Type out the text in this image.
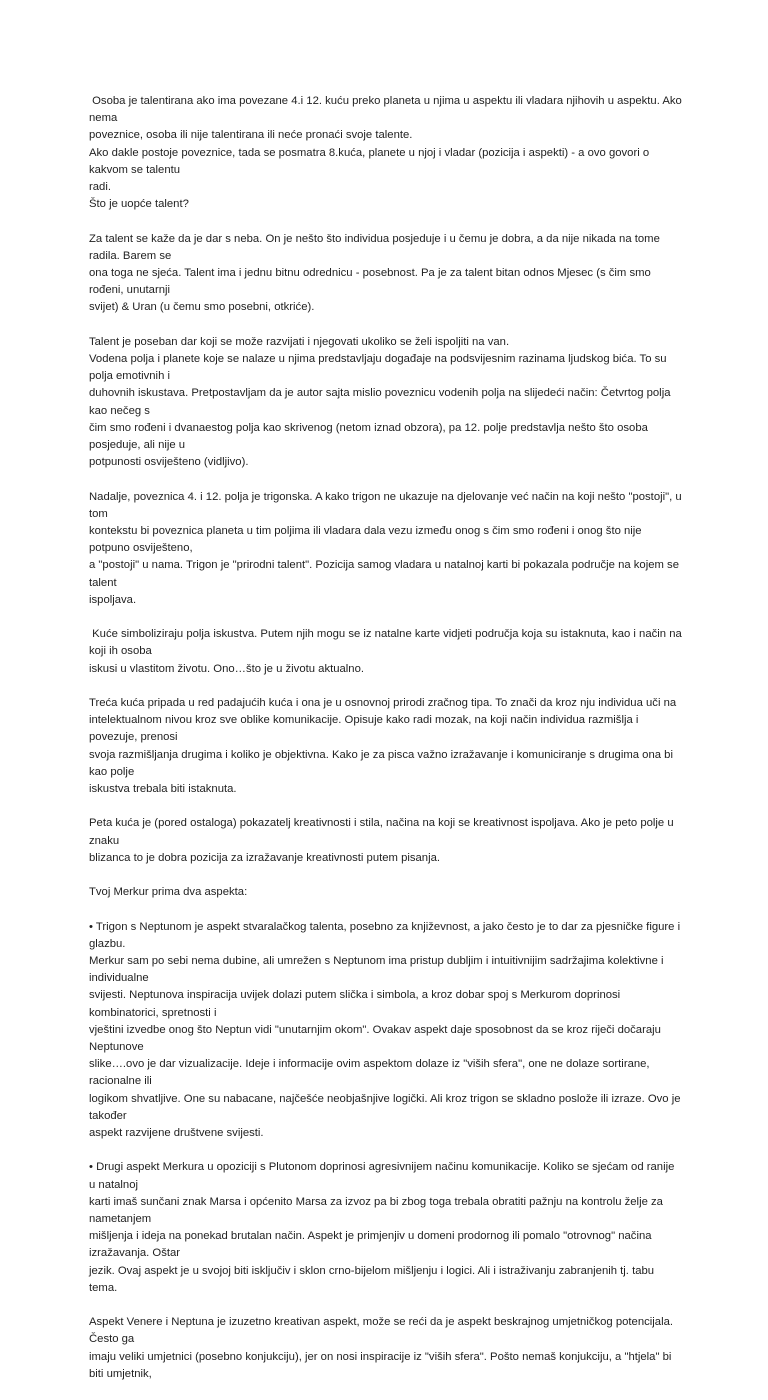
Osoba je talentirana ako ima povezane 4.i 12. kuću preko planeta u njima u aspektu ili vladara njihovih u aspektu. Ako nema
poveznice, osoba ili nije talentirana ili neće pronaći svoje talente.
Ako dakle postoje poveznice, tada se posmatra 8.kuća, planete u njoj i vladar (pozicija i aspekti) - a ovo govori o kakvom se talentu
radi.
Što je uopće talent?
Za talent se kaže da je dar s neba. On je nešto što individua posjeduje i u čemu je dobra, a da nije nikada na tome radila. Barem se
ona toga ne sjeća. Talent ima i jednu bitnu odrednicu - posebnost. Pa je za talent bitan odnos Mjesec (s čim smo rođeni, unutarnji
svijet) & Uran (u čemu smo posebni, otkriće).
Talent je poseban dar koji se može razvijati i njegovati ukoliko se želi ispoljiti na van.
Vodena polja i planete koje se nalaze u njima predstavljaju događaje na podsvijesnim razinama ljudskog bića. To su polja emotivnih i
duhovnih iskustava. Pretpostavljam da je autor sajta mislio poveznicu vodenih polja na slijedeći način: Četvrtog polja kao nečeg s
čim smo rođeni i dvanaestog polja kao skrivenog (netom iznad obzora), pa 12. polje predstavlja nešto što osoba posjeduje, ali nije u
potpunosti osviješteno (vidljivo).
Nadalje, poveznica 4. i 12. polja je trigonska. A kako trigon ne ukazuje na djelovanje već način na koji nešto "postoji", u tom
kontekstu bi poveznica planeta u tim poljima ili vladara dala vezu između onog s čim smo rođeni i onog što nije potpuno osviješteno,
a "postoji" u nama. Trigon je "prirodni talent". Pozicija samog vladara u natalnoj karti bi pokazala područje na kojem se talent
ispoljava.
Kuće simboliziraju polja iskustva. Putem njih mogu se iz natalne karte vidjeti područja koja su istaknuta, kao i način na koji ih osoba
iskusi u vlastitom životu. Ono…što je u životu aktualno.
Treća kuća pripada u red padajućih kuća i ona je u osnovnoj prirodi zračnog tipa. To znači da kroz nju individua uči na
intelektualnom nivou kroz sve oblike komunikacije. Opisuje kako radi mozak, na koji način individua razmišlja i povezuje, prenosi
svoja razmišljanja drugima i koliko je objektivna. Kako je za pisca važno izražavanje i komuniciranje s drugima ona bi kao polje
iskustva trebala biti istaknuta.
Peta kuća je (pored ostaloga) pokazatelj kreativnosti i stila, načina na koji se kreativnost ispoljava. Ako je peto polje u znaku
blizanca to je dobra pozicija za izražavanje kreativnosti putem pisanja.
Tvoj Merkur prima dva aspekta:
• Trigon s Neptunom je aspekt stvaralačkog talenta, posebno za književnost, a jako često je to dar za pjesničke figure i glazbu.
Merkur sam po sebi nema dubine, ali umrežen s Neptunom ima pristup dubljim i intuitivnijim sadržajima kolektivne i individualne
svijesti. Neptunova inspiracija uvijek dolazi putem slička i simbola, a kroz dobar spoj s Merkurom doprinosi kombinatorici, spretnosti i
vještini izvedbe onog što Neptun vidi "unutarnjim okom". Ovakav aspekt daje sposobnost da se kroz riječi dočaraju Neptunove
slike….ovo je dar vizualizacije. Ideje i informacije ovim aspektom dolaze iz "viših sfera", one ne dolaze sortirane, racionalne ili
logikom shvatljive. One su nabacane, najčešće neobjašnjive logički. Ali kroz trigon se skladno poslože ili izraze. Ovo je također
aspekt razvijene društvene svijesti.
• Drugi aspekt Merkura u opoziciji s Plutonom doprinosi agresivnijem načinu komunikacije. Koliko se sjećam od ranije u natalnoj
karti imaš sunčani znak Marsa i općenito Marsa za izvoz pa bi zbog toga trebala obratiti pažnju na kontrolu želje za nametanjem
mišljenja i ideja na ponekad brutalan način. Aspekt je primjenjiv u domeni prodornog ili pomalo "otrovnog" načina izražavanja. Oštar
jezik. Ovaj aspekt je u svojoj biti isključiv i sklon crno-bijelom mišljenju i logici. Ali i istraživanju zabranjenih tj. tabu tema.
Aspekt Venere i Neptuna je izuzetno kreativan aspekt, može se reći da je aspekt beskrajnog umjetničkog potencijala. Često ga
imaju veliki umjetnici (posebno konjukciju), jer on nosi inspiracije iz "viših sfera". Pošto nemaš konjukciju, a "htjela" bi biti umjetnik,
